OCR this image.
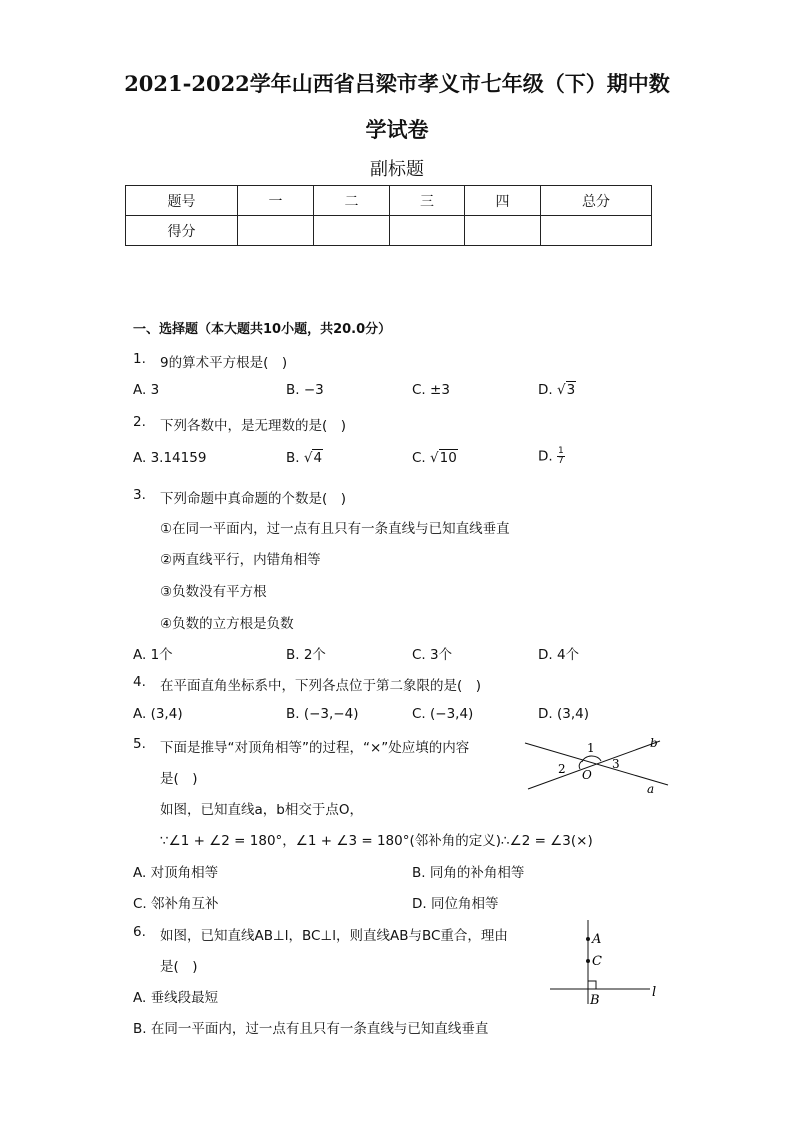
2021-2022学年山西省吕梁市孝义市七年级（下）期中数
学试卷
副标题
题号	一	二	三	四	总分
得分					
一、选择题（本大题共10小题，共20.0分）
1. 9的算术平方根是(　)
A. 3	B. −3	C. ±3	D. √3
2. 下列各数中，是无理数的是(　)
A. 3.14159	B. √4	C. √10	D. $\frac{1}{7}$
3. 下列命题中真命题的个数是(　)
①在同一平面内，过一点有且只有一条直线与已知直线垂直
②两直线平行，内错角相等
③负数没有平方根
④负数的立方根是负数
A. 1个	B. 2个	C. 3个	D. 4个
4. 在平面直角坐标系中，下列各点位于第二象限的是(　)
A. (3,4)	B. (−3,−4)	C. (−3,4)	D. (3,4)
5. 下面是推导“对顶角相等”的过程，“×”处应填的内容
是(　)
如图，已知直线a，b相交于点O，
∵∠1 + ∠2 = 180°，∠1 + ∠3 = 180°(邻补角的定义)∴∠2 = ∠3(×)
A. 对顶角相等	B. 同角的补角相等
C. 邻补角互补	D. 同位角相等
1
2	3
O
a
b
6. 如图，已知直线AB⊥l，BC⊥l，则直线AB与BC重合，理由
是(　)
A. 垂线段最短
B. 在同一平面内，过一点有且只有一条直线与已知直线垂直
A
C
B
l
